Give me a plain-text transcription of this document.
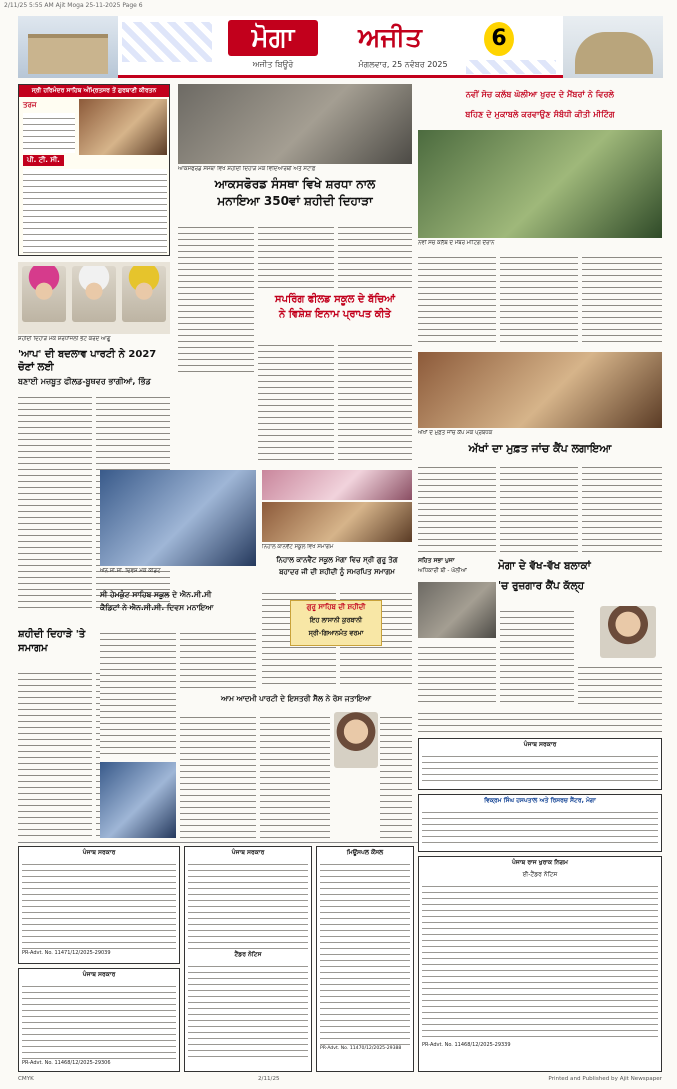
2/11/25 5:55 AM Ajit Moga 25-11-2025 Page 6
ਮੋਗਾ	ਅਜੀਤ
ਅਜੀਤ ਬਿਊਰੋ	ਮੰਗਲਵਾਰ, 25 ਨਵੰਬਰ 2025
6
ਸ੍ਰੀ ਹਰਿਮੰਦਰ ਸਾਹਿਬ ਅੰਮ੍ਰਿਤਸਰ ਤੋਂ ਗੁਰਬਾਣੀ ਕੀਰਤਨ
ਤਰਜ
ਪੀ. ਟੀ. ਸੀ.
ਸ਼ਹੀਦੀ ਦਿਹਾੜੇ ਮੌਕੇ ਸ਼ਰਧਾਂਜਲੀ ਭੇਟ ਕਰਦੇ ਆਗੂ
'ਆਪ' ਦੀ ਬਦਲਾਵ ਪਾਰਟੀ ਨੇ 2027 ਚੋਣਾਂ ਲਈ
ਬਣਾਈ ਮਜ਼ਬੂਤ ਫੀਲਡ-ਬੂਥਵਰ ਭਾਗੀਆਂ, ਭਿੰਡ
ਸ਼ਹੀਦੀ ਦਿਹਾੜੇ 'ਤੇ ਸਮਾਗਮ
ਆਕਸਫੋਰਡ ਸੰਸਥਾ ਵਿਖੇ ਸ਼ਹੀਦੀ ਦਿਹਾੜੇ ਮੌਕੇ ਵਿਦਿਆਰਥੀ ਅਤੇ ਸਟਾਫ਼
ਆਕਸਫੋਰਡ ਸੰਸਥਾ ਵਿਖੇ ਸ਼ਰਧਾ ਨਾਲ
ਮਨਾਇਆ 350ਵਾਂ ਸ਼ਹੀਦੀ ਦਿਹਾੜਾ
ਸਪਰਿੰਗ ਫੀਲਡ ਸਕੂਲ ਦੇ ਬੱਚਿਆਂ
ਨੇ ਵਿਸ਼ੇਸ਼ ਇਨਾਮ ਪ੍ਰਾਪਤ ਕੀਤੇ
ਐੱਨ.ਸੀ.ਸੀ. ਦਿਵਸ ਮੌਕੇ ਕੈਡਿਟ
ਨਿਹਾਲ ਕਾਨਵੈਂਟ ਸਕੂਲ ਵਿਖੇ ਸਮਾਗਮ
ਨਿਹਾਲ ਕਾਨਵੈਂਟ ਸਕੂਲ ਮੋਗਾ ਵਿਚ ਸ੍ਰੀ ਗੁਰੂ ਤੇਗ
ਬਹਾਦਰ ਜੀ ਦੀ ਸ਼ਹੀਦੀ ਨੂੰ ਸਮਰਪਿਤ ਸਮਾਗਮ
ਸੀ ਹੇਮਕੁੰਟ ਸਾਹਿਬ ਸਕੂਲ ਦੇ ਐਨ.ਸੀ.ਸੀ
ਕੈਡਿਟਾਂ ਨੇ ਐਨ.ਸੀ.ਸੀ. ਦਿਵਸ ਮਨਾਇਆ	ਗੁਰੂ ਸਾਹਿਬ ਦੀ ਸ਼ਹੀਦੀ
ਇਹ ਲਾਸਾਨੀ ਕੁਰਬਾਨੀ
ਸ੍ਰੀ-ਗਿਆਨਮੰਤ ਵਰਮਾ
ਆਮ ਆਦਮੀ ਪਾਰਟੀ ਦੇ ਇਸਤਰੀ ਸੈੱਲ ਨੇ ਰੋਸ ਜਤਾਇਆ
ਨਵੀਂ ਸੋਚ ਕਲੱਬ ਘੋਲੀਆ ਖੁਰਦ ਦੇ ਮੈਂਬਰਾਂ ਨੇ ਵਿਰਲੇ
ਬਹਿਣ ਦੇ ਮੁਕਾਬਲੇ ਕਰਵਾਉਣ ਸੰਬੰਧੀ ਕੀਤੀ ਮੀਟਿੰਗ
ਨਵੀਂ ਸੋਚ ਕਲੱਬ ਦੇ ਮੈਂਬਰ ਮੀਟਿੰਗ ਦੌਰਾਨ
ਅੱਖਾਂ ਦੇ ਮੁਫ਼ਤ ਜਾਂਚ ਕੈਂਪ ਮੌਕੇ ਪ੍ਰਬੰਧਕ
ਅੱਖਾਂ ਦਾ ਮੁਫ਼ਤ ਜਾਂਚ ਕੈਂਪ ਲਗਾਇਆ
ਸਹਿਤ ਸਭਾ ਪੁਜਾ
ਅਧਿਕਾਰੀ ਬੀ - ਘੋਲੀਆਂ	ਮੋਗਾ ਦੇ ਵੱਖ-ਵੱਖ ਬਲਾਕਾਂ
'ਚ ਰੁਜ਼ਗਾਰ ਕੈਂਪ ਕੱਲ੍ਹ
ਪੰਜਾਬ ਸਰਕਾਰ
ਪੰਜਾਬ ਸਰਕਾਰ
PR-Advt. No. 11471/12/2025-29039
ਪੰਜਾਬ ਸਰਕਾਰ
PR-Advt. No. 11468/12/2025-29306
ਪੰਜਾਬ ਸਰਕਾਰ
ਟੈਂਡਰ ਨੋਟਿਸ
ਮਿਊਂਸਪਲ ਕੌਂਸਲ
PR-Advt. No. 11470/12/2025-29388
ਵਿਕ੍ਰਮ ਸਿੰਘ ਹਸਪਤਾਲ ਅਤੇ ਰਿਸਰਚ ਸੈਂਟਰ, ਮੋਗਾ
ਪੰਜਾਬ ਰਾਜ ਖੁਰਾਕ ਨਿਗਮ
ਈ-ਟੈਂਡਰ ਨੋਟਿਸ
PR-Advt. No. 11468/12/2025-29339
CMYK	2/11/25	Printed and Published by Ajit Newspaper
